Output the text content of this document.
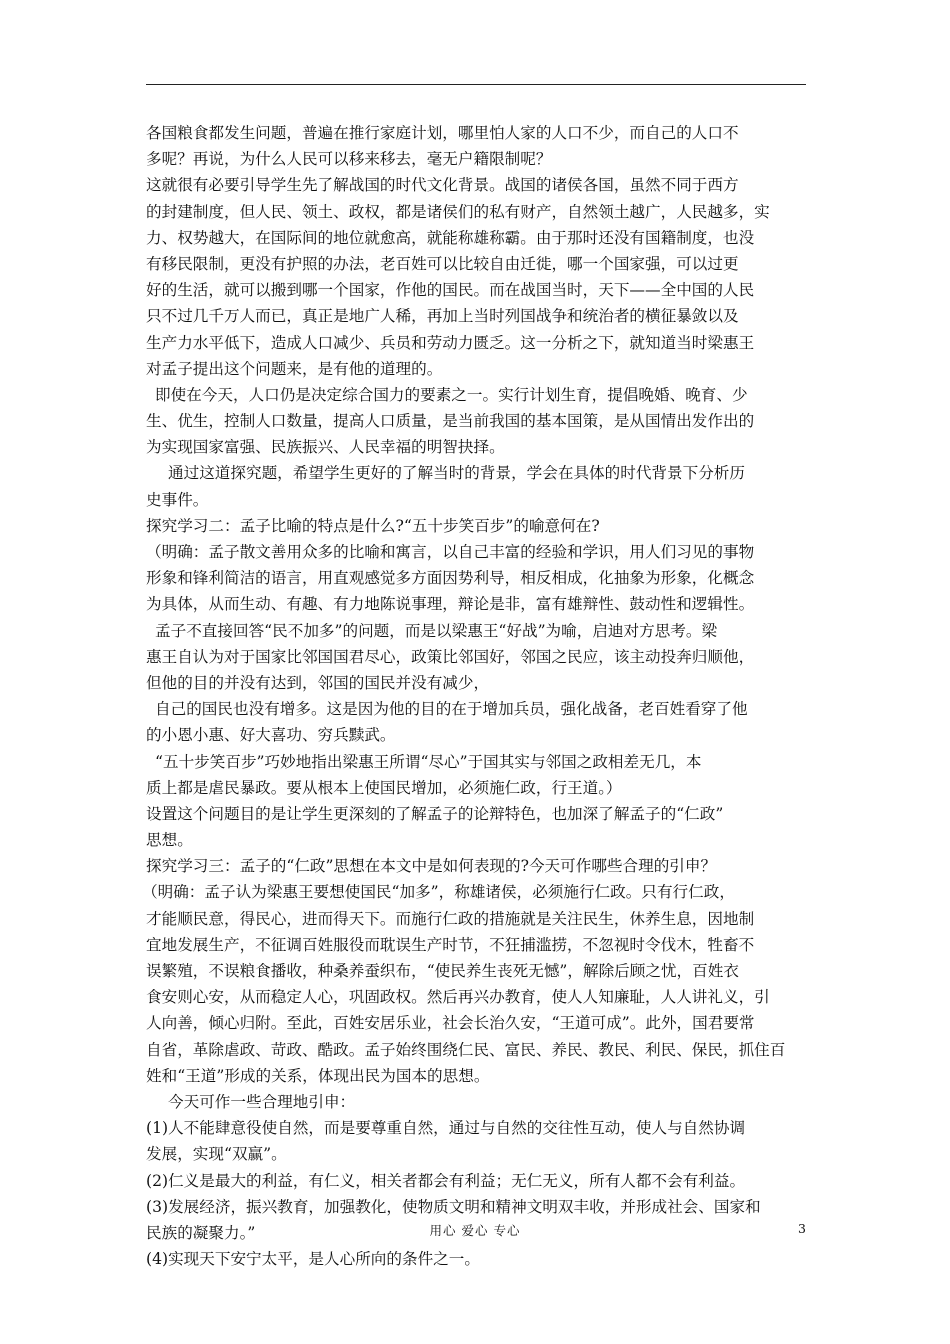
各国粮食都发生问题，普遍在推行家庭计划，哪里怕人家的人口不少，而自己的人口不
多呢？再说，为什么人民可以移来移去，毫无户籍限制呢？
这就很有必要引导学生先了解战国的时代文化背景。战国的诸侯各国，虽然不同于西方
的封建制度，但人民、领土、政权，都是诸侯们的私有财产，自然领土越广，人民越多，实
力、权势越大，在国际间的地位就愈高，就能称雄称霸。由于那时还没有国籍制度，也没
有移民限制，更没有护照的办法，老百姓可以比较自由迁徙，哪一个国家强，可以过更
好的生活，就可以搬到哪一个国家，作他的国民。而在战国当时，天下——全中国的人民
只不过几千万人而已，真正是地广人稀，再加上当时列国战争和统治者的横征暴敛以及
生产力水平低下，造成人口减少、兵员和劳动力匮乏。这一分析之下，就知道当时梁惠王
对孟子提出这个问题来，是有他的道理的。
即使在今天，人口仍是决定综合国力的要素之一。实行计划生育，提倡晚婚、晚育、少
生、优生，控制人口数量，提高人口质量，是当前我国的基本国策，是从国情出发作出的
为实现国家富强、民族振兴、人民幸福的明智抉择。
通过这道探究题，希望学生更好的了解当时的背景，学会在具体的时代背景下分析历
史事件。
探究学习二：孟子比喻的特点是什么?“五十步笑百步”的喻意何在?
（明确：孟子散文善用众多的比喻和寓言，以自己丰富的经验和学识，用人们习见的事物
形象和锋利简洁的语言，用直观感觉多方面因势利导，相反相成，化抽象为形象，化概念
为具体，从而生动、有趣、有力地陈说事理，辩论是非，富有雄辩性、鼓动性和逻辑性。
孟子不直接回答“民不加多”的问题，而是以梁惠王“好战”为喻，启迪对方思考。梁
惠王自认为对于国家比邻国国君尽心，政策比邻国好，邻国之民应，该主动投奔归顺他，
但他的目的并没有达到，邻国的国民并没有减少，
自己的国民也没有增多。这是因为他的目的在于增加兵员，强化战备，老百姓看穿了他
的小恩小惠、好大喜功、穷兵黩武。
“五十步笑百步”巧妙地指出梁惠王所谓“尽心”于国其实与邻国之政相差无几，本
质上都是虐民暴政。要从根本上使国民增加，必须施仁政，行王道。）
设置这个问题目的是让学生更深刻的了解孟子的论辩特色，也加深了解孟子的“仁政”
思想。
探究学习三：孟子的“仁政”思想在本文中是如何表现的?今天可作哪些合理的引申？
（明确：孟子认为梁惠王要想使国民“加多”，称雄诸侯，必须施行仁政。只有行仁政，
才能顺民意，得民心，进而得天下。而施行仁政的措施就是关注民生，休养生息，因地制
宜地发展生产，不征调百姓服役而耽误生产时节，不狂捕滥捞，不忽视时令伐木，牲畜不
误繁殖，不误粮食播收，种桑养蚕织布，“使民养生丧死无憾”，解除后顾之忧，百姓衣
食安则心安，从而稳定人心，巩固政权。然后再兴办教育，使人人知廉耻，人人讲礼义，引
人向善，倾心归附。至此，百姓安居乐业，社会长治久安，“王道可成”。此外，国君要常
自省，革除虐政、苛政、酷政。孟子始终围绕仁民、富民、养民、教民、利民、保民，抓住百
姓和“王道”形成的关系，体现出民为国本的思想。
今天可作一些合理地引申：
(1)人不能肆意役使自然，而是要尊重自然，通过与自然的交往性互动，使人与自然协调
发展，实现“双赢”。
(2)仁义是最大的利益，有仁义，相关者都会有利益；无仁无义，所有人都不会有利益。
(3)发展经济，振兴教育，加强教化，使物质文明和精神文明双丰收，并形成社会、国家和
民族的凝聚力。”
(4)实现天下安宁太平，是人心所向的条件之一。
用心 爱心 专心	3
